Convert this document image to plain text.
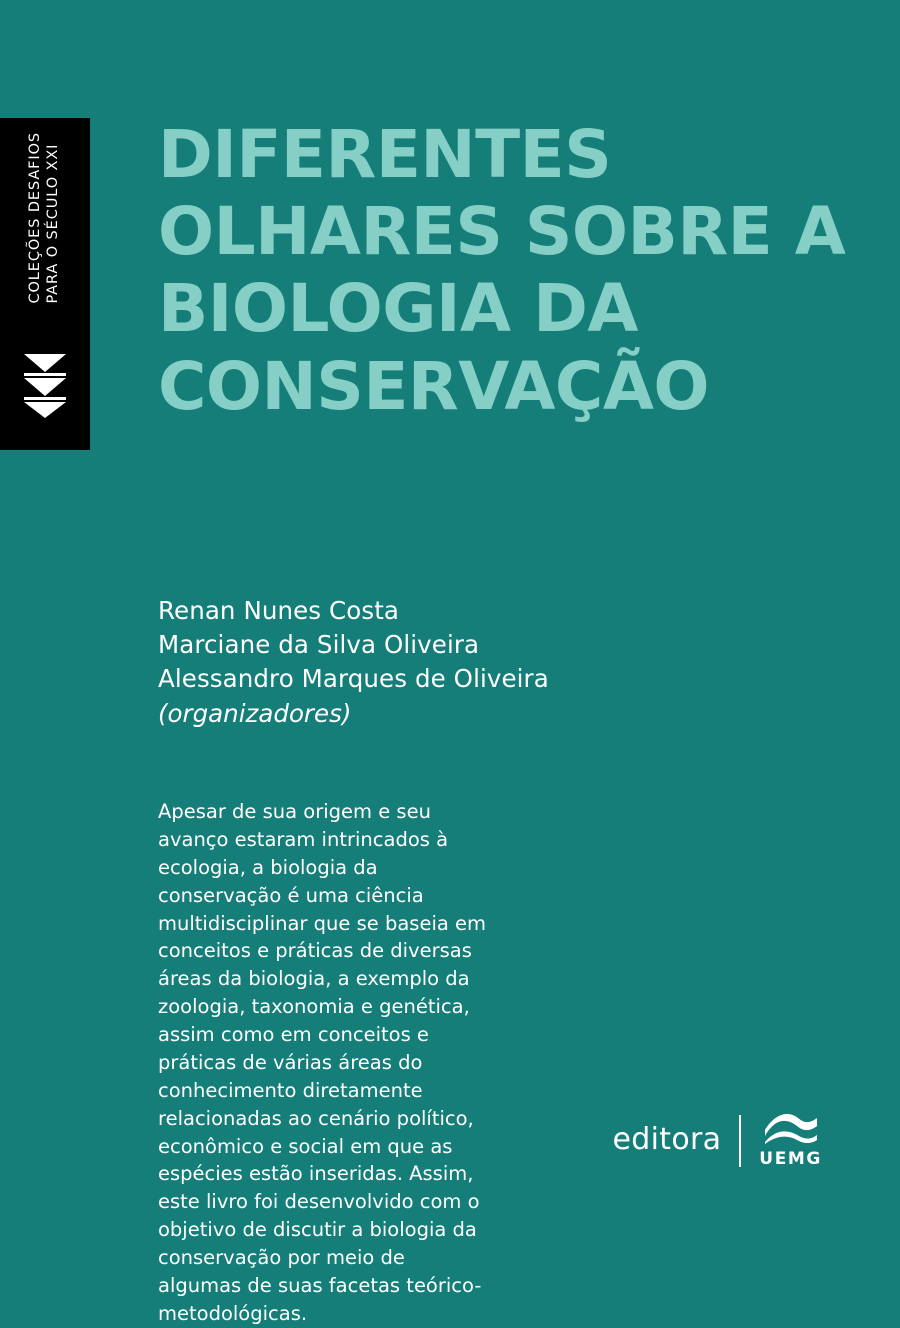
COLEÇÕES DESAFIOS PARA O SÉCULO XXI DIFERENTES
OLHARES SOBRE A
BIOLOGIA DA
CONSERVAÇÃO
Renan Nunes Costa
Marciane da Silva Oliveira
Alessandro Marques de Oliveira
(organizadores)
Apesar de sua origem e seu avanço estaram intrincados à ecologia, a biologia da conservação é uma ciência multidisciplinar que se baseia em conceitos e práticas de diversas áreas da biologia, a exemplo da zoologia, taxonomia e genética, assim como em conceitos e práticas de várias áreas do conhecimento diretamente relacionadas ao cenário político, econômico e social em que as espécies estão inseridas. Assim, este livro foi desenvolvido com o objetivo de discutir a biologia da conservação por meio de algumas de suas facetas teórico-metodológicas.
editora
UEMG
